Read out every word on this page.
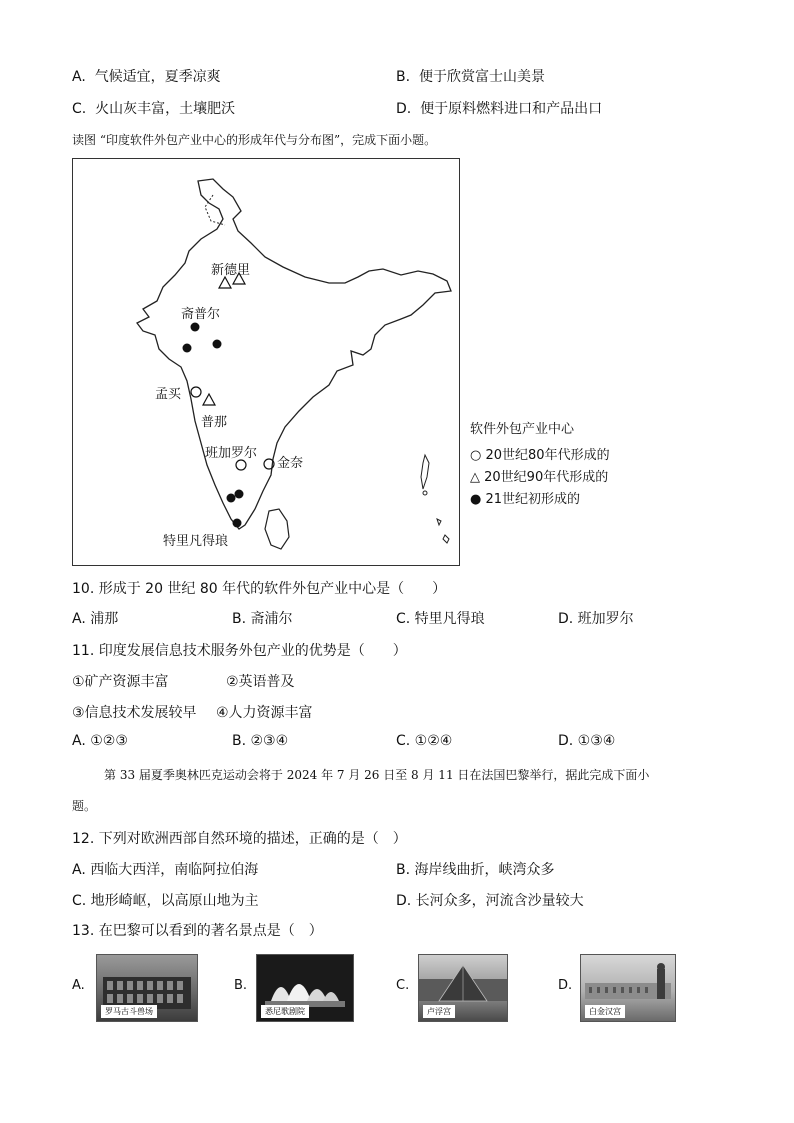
A. 气候适宜，夏季凉爽	B. 便于欣赏富士山美景
C. 火山灰丰富，土壤肥沃	D. 便于原料燃料进口和产品出口
读图 “印度软件外包产业中心的形成年代与分布图”，完成下面小题。
新德里
斋普尔
孟买
普那
班加罗尔
金奈
特里凡得琅
软件外包产业中心
○ 20世纪80年代形成的
△ 20世纪90年代形成的
● 21世纪初形成的
10. 形成于 20 世纪 80 年代的软件外包产业中心是（　　）
A. 浦那	B. 斋浦尔	C. 特里凡得琅	D. 班加罗尔
11. 印度发展信息技术服务外包产业的优势是（　　）
①矿产资源丰富	②英语普及
③信息技术发展较早 ④人力资源丰富
A. ①②③	B. ②③④	C. ①②④	D. ①③④
第 33 届夏季奥林匹克运动会将于 2024 年 7 月 26 日至 8 月 11 日在法国巴黎举行，据此完成下面小
题。
12. 下列对欧洲西部自然环境的描述，正确的是（　）
A. 西临大西洋，南临阿拉伯海	B. 海岸线曲折，峡湾众多
C. 地形崎岖，以高原山地为主	D. 长河众多，河流含沙量较大
13. 在巴黎可以看到的著名景点是（　）
A.
罗马古斗兽场
B.
悉尼歌剧院
C.
卢浮宫
D.
白金汉宫
